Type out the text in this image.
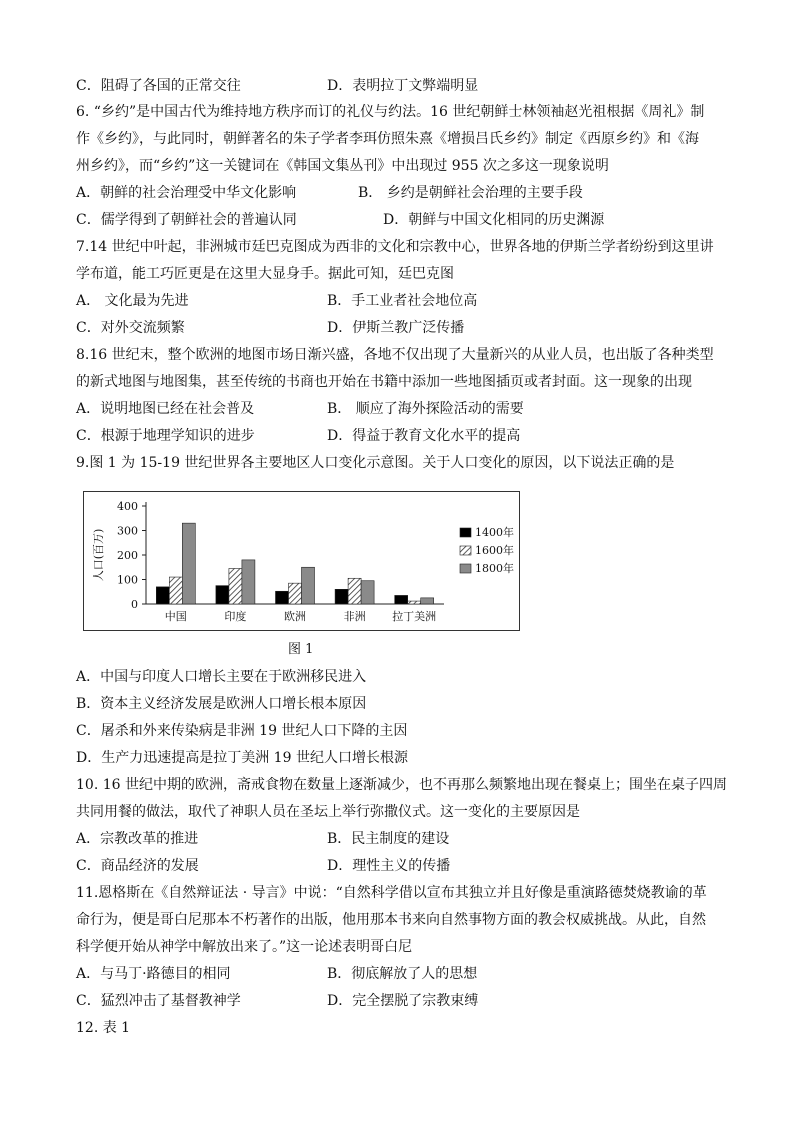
C．阻碍了各国的正常交往	D．表明拉丁文弊端明显
6. “乡约”是中国古代为维持地方秩序而订的礼仪与约法。16 世纪朝鲜士林领袖赵光祖根据《周礼》制
作《乡约》，与此同时，朝鲜著名的朱子学者李珥仿照朱熹《增损吕氏乡约》制定《西原乡约》和《海
州乡约》，而“乡约”这一关键词在《韩国文集丛刊》中出现过 955 次之多这一现象说明
A．朝鲜的社会治理受中华文化影响	B． 乡约是朝鲜社会治理的主要手段
C．儒学得到了朝鲜社会的普遍认同	D．朝鲜与中国文化相同的历史渊源
7.14 世纪中叶起，非洲城市廷巴克图成为西非的文化和宗教中心，世界各地的伊斯兰学者纷纷到这里讲
学布道，能工巧匠更是在这里大显身手。据此可知，廷巴克图
A． 文化最为先进	B．手工业者社会地位高
C．对外交流频繁	D．伊斯兰教广泛传播
8.16 世纪末，整个欧洲的地图市场日渐兴盛，各地不仅出现了大量新兴的从业人员，也出版了各种类型
的新式地图与地图集，甚至传统的书商也开始在书籍中添加一些地图插页或者封面。这一现象的出现
A．说明地图已经在社会普及	B． 顺应了海外探险活动的需要
C．根源于地理学知识的进步	D．得益于教育文化水平的提高
9.图 1 为 15-19 世纪世界各主要地区人口变化示意图。关于人口变化的原因，以下说法正确的是
0
100
200
300
400
人口(百万)
中国	印度	欧洲	非洲 拉丁美洲
1400年
1600年
1800年
图 1
A．中国与印度人口增长主要在于欧洲移民进入
B．资本主义经济发展是欧洲人口增长根本原因
C．屠杀和外来传染病是非洲 19 世纪人口下降的主因
D．生产力迅速提高是拉丁美洲 19 世纪人口增长根源
10. 16 世纪中期的欧洲，斋戒食物在数量上逐渐减少，也不再那么频繁地出现在餐桌上；围坐在桌子四周
共同用餐的做法，取代了神职人员在圣坛上举行弥撒仪式。这一变化的主要原因是
A．宗教改革的推进	B．民主制度的建设
C．商品经济的发展	D．理性主义的传播
11.恩格斯在《自然辩证法 · 导言》中说：“自然科学借以宣布其独立并且好像是重演路德焚烧教谕的革
命行为，便是哥白尼那本不朽著作的出版，他用那本书来向自然事物方面的教会权威挑战。从此，自然
科学便开始从神学中解放出来了。”这一论述表明哥白尼
A．与马丁·路德目的相同	B．彻底解放了人的思想
C．猛烈冲击了基督教神学	D．完全摆脱了宗教束缚
12. 表 1
